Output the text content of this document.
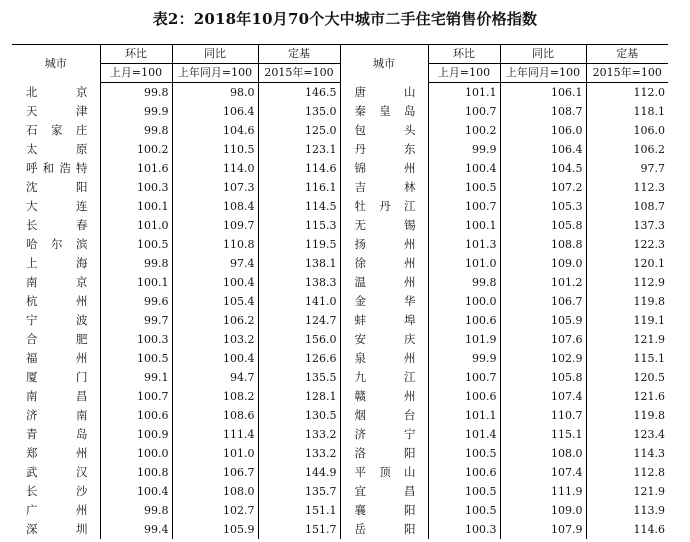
表2：2018年10月70个大中城市二手住宅销售价格指数
城市	环比	同比	定基	城市	环比	同比	定基
	上月=100	上年同月=100	2015年=100		上月=100	上年同月=100	2015年=100
北 京	99.8	98.0	146.5	唐 山	101.1	106.1	112.0
天 津	99.9	106.4	135.0	秦皇岛	100.7	108.7	118.1
石家庄	99.8	104.6	125.0	包 头	100.2	106.0	106.0
太 原	100.2	110.5	123.1	丹 东	99.9	106.4	106.2
呼和浩特	101.6	114.0	114.6	锦 州	100.4	104.5	97.7
沈 阳	100.3	107.3	116.1	吉 林	100.5	107.2	112.3
大 连	100.1	108.4	114.5	牡丹江	100.7	105.3	108.7
长 春	101.0	109.7	115.3	无 锡	100.1	105.8	137.3
哈尔滨	100.5	110.8	119.5	扬 州	101.3	108.8	122.3
上 海	99.8	97.4	138.1	徐 州	101.0	109.0	120.1
南 京	100.1	100.4	138.3	温 州	99.8	101.2	112.9
杭 州	99.6	105.4	141.0	金 华	100.0	106.7	119.8
宁 波	99.7	106.2	124.7	蚌 埠	100.6	105.9	119.1
合 肥	100.3	103.2	156.0	安 庆	101.9	107.6	121.9
福 州	100.5	100.4	126.6	泉 州	99.9	102.9	115.1
厦 门	99.1	94.7	135.5	九 江	100.7	105.8	120.5
南 昌	100.7	108.2	128.1	赣 州	100.6	107.4	121.6
济 南	100.6	108.6	130.5	烟 台	101.1	110.7	119.8
青 岛	100.9	111.4	133.2	济 宁	101.4	115.1	123.4
郑 州	100.0	101.0	133.2	洛 阳	100.5	108.0	114.3
武 汉	100.8	106.7	144.9	平顶山	100.6	107.4	112.8
长 沙	100.4	108.0	135.7	宜 昌	100.5	111.9	121.9
广 州	99.8	102.7	151.1	襄 阳	100.5	109.0	113.9
深 圳	99.4	105.9	151.7	岳 阳	100.3	107.9	114.6
